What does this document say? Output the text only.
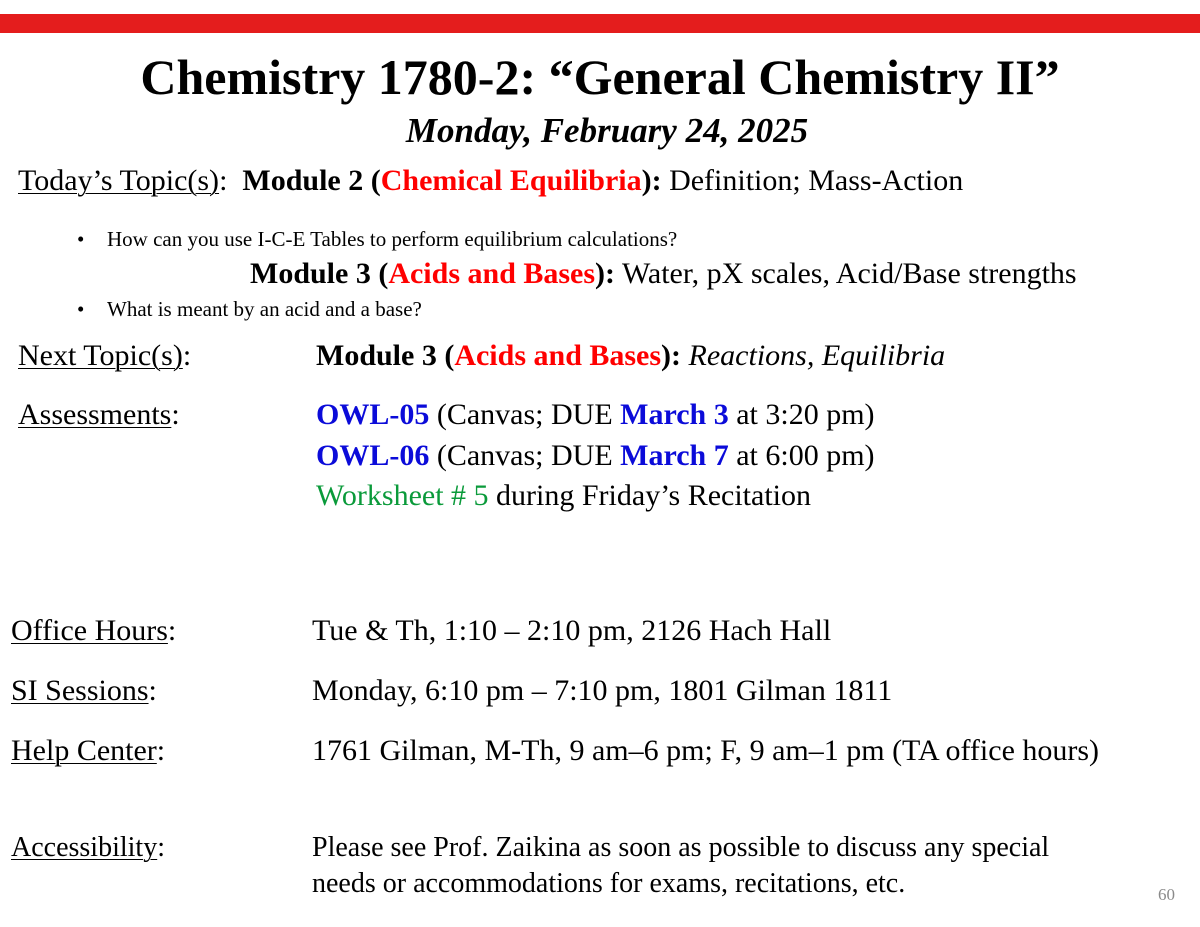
Chemistry 1780-2: “General Chemistry II”
Monday, February 24, 2025
Today’s Topic(s): Module 2 (Chemical Equilibria): Definition; Mass-Action
• How can you use I-C-E Tables to perform equilibrium calculations?
Module 3 (Acids and Bases): Water, pX scales, Acid/Base strengths
• What is meant by an acid and a base?
Next Topic(s):	Module 3 (Acids and Bases): Reactions, Equilibria
Assessments:	OWL-05 (Canvas; DUE March 3 at 3:20 pm)
OWL-06 (Canvas; DUE March 7 at 6:00 pm)
Worksheet # 5 during Friday’s Recitation
Office Hours:	Tue & Th, 1:10 – 2:10 pm, 2126 Hach Hall
SI Sessions:	Monday, 6:10 pm – 7:10 pm, 1801 Gilman 1811
Help Center:	1761 Gilman, M-Th, 9 am–6 pm; F, 9 am–1 pm (TA office hours)
Accessibility:	Please see Prof. Zaikina as soon as possible to discuss any special
needs or accommodations for exams, recitations, etc.	60
